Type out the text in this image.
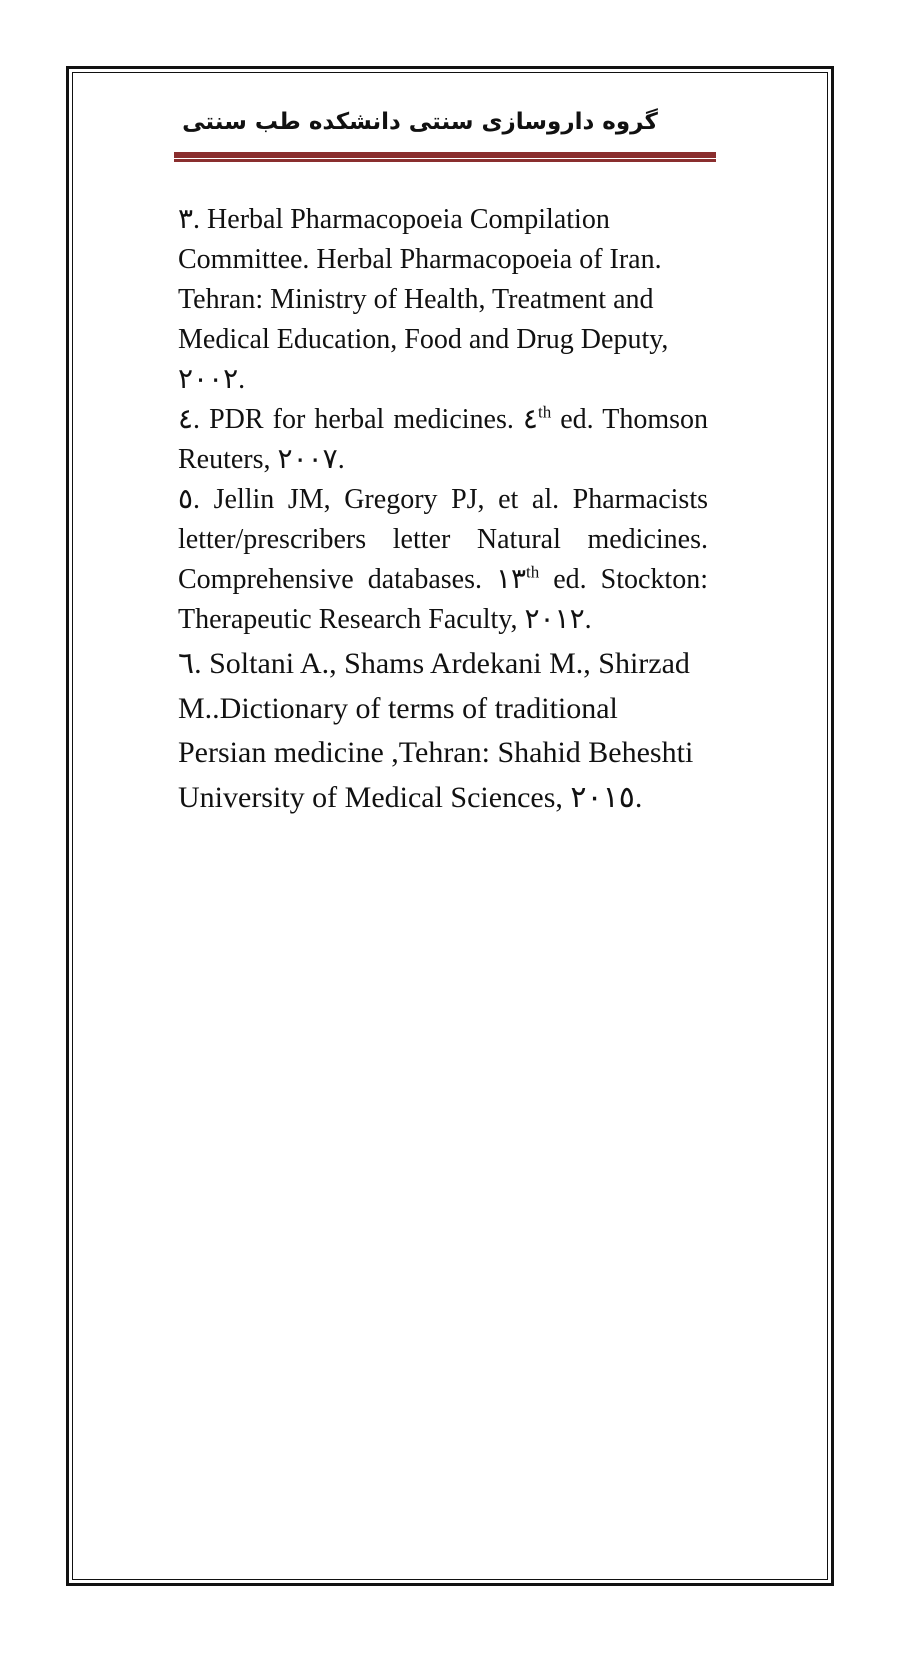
گروه داروسازی سنتی دانشکده طب سنتی

۳. Herbal Pharmacopoeia Compilation Committee. Herbal Pharmacopoeia of Iran. Tehran: Ministry of Health, Treatment and Medical Education, Food and Drug Deputy, ۲۰۰۲.

٤. PDR for herbal medicines. ٤th ed. Thomson Reuters, ۲۰۰۷.

٥. Jellin JM, Gregory PJ, et al. Pharmacists letter/prescribers letter Natural medicines. Comprehensive databases. ١٣th ed. Stockton: Therapeutic Research Faculty, ۲۰۱۲.

٦. Soltani A., Shams Ardekani M., Shirzad M..Dictionary of terms of traditional Persian medicine ,Tehran: Shahid Beheshti University of Medical Sciences, ۲۰۱٥.
